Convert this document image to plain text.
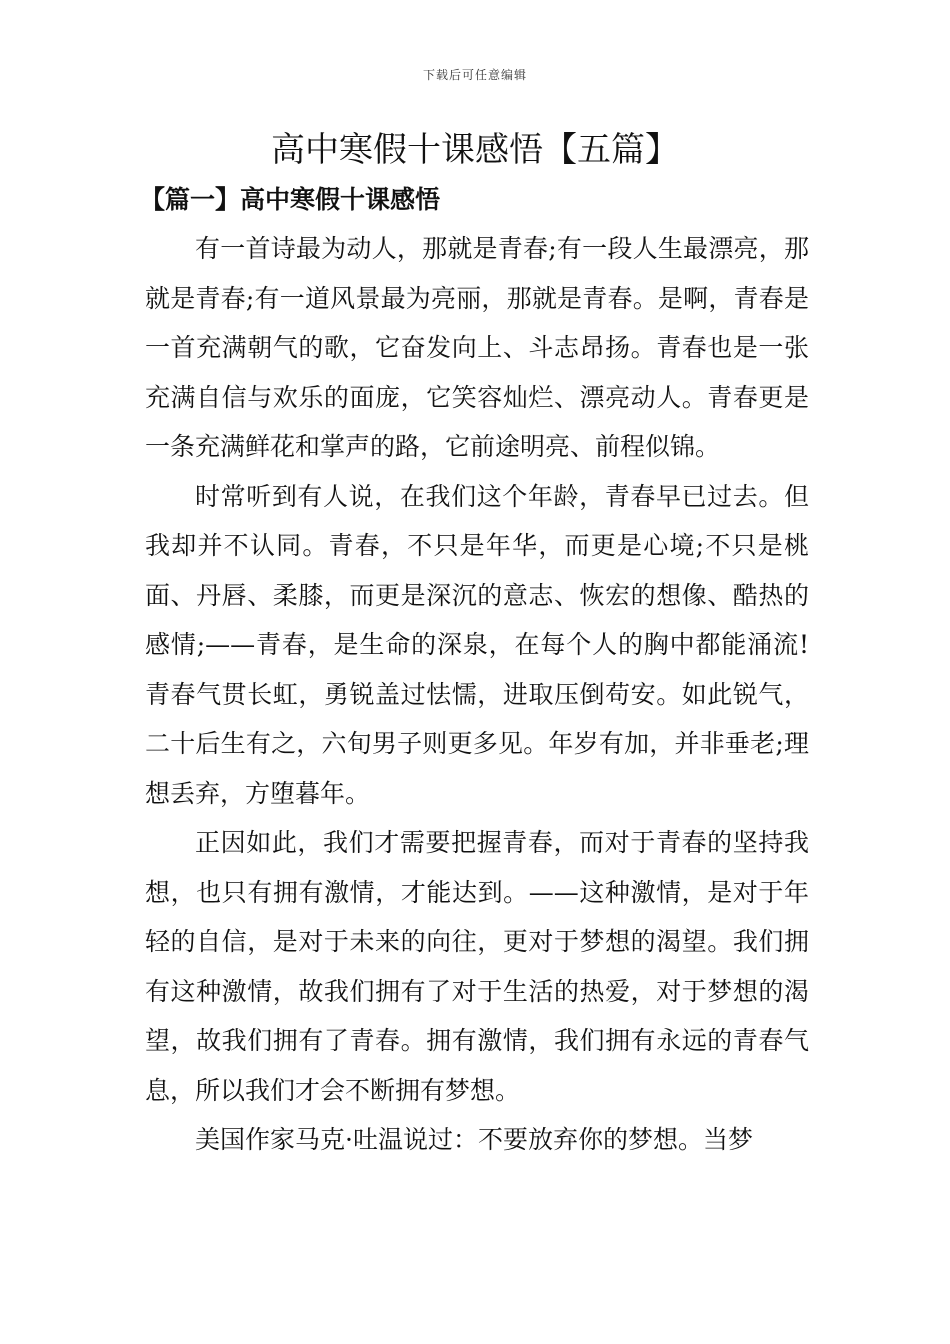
下载后可任意编辑
高中寒假十课感悟【五篇】
【篇一】高中寒假十课感悟

有一首诗最为动人，那就是青春;有一段人生最漂亮，那就是青春;有一道风景最为亮丽，那就是青春。是啊，青春是一首充满朝气的歌，它奋发向上、斗志昂扬。青春也是一张充满自信与欢乐的面庞，它笑容灿烂、漂亮动人。青春更是一条充满鲜花和掌声的路，它前途明亮、前程似锦。

时常听到有人说，在我们这个年龄，青春早已过去。但我却并不认同。青春，不只是年华，而更是心境;不只是桃面、丹唇、柔膝，而更是深沉的意志、恢宏的想像、酷热的感情;——青春，是生命的深泉，在每个人的胸中都能涌流!青春气贯长虹，勇锐盖过怯懦，进取压倒苟安。如此锐气，二十后生有之，六旬男子则更多见。年岁有加，并非垂老;理想丢弃，方堕暮年。

正因如此，我们才需要把握青春，而对于青春的坚持我想，也只有拥有激情，才能达到。——这种激情，是对于年轻的自信，是对于未来的向往，更对于梦想的渴望。我们拥有这种激情，故我们拥有了对于生活的热爱，对于梦想的渴望，故我们拥有了青春。拥有激情，我们拥有永远的青春气息，所以我们才会不断拥有梦想。

美国作家马克·吐温说过：不要放弃你的梦想。当梦
